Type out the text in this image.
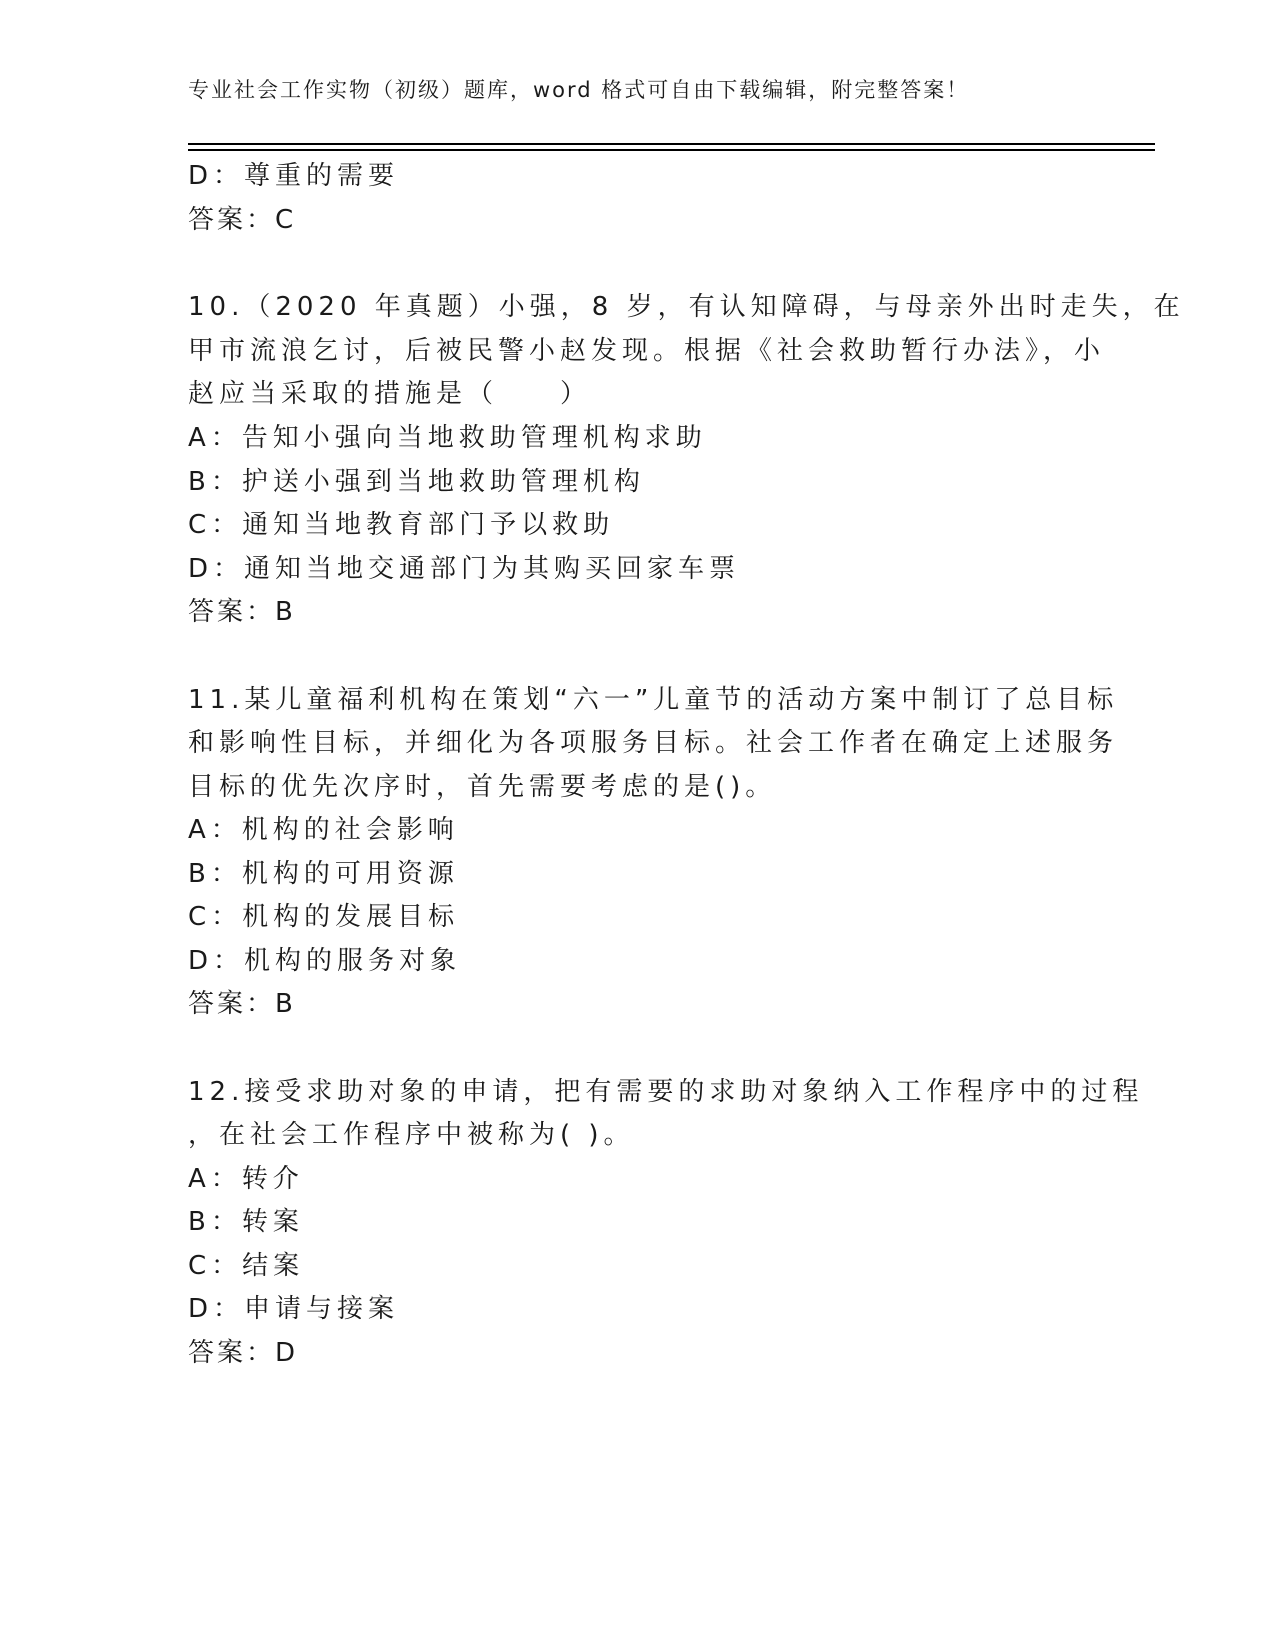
专业社会工作实物（初级）题库，word 格式可自由下载编辑，附完整答案！
D：尊重的需要
答案：C
10.（2020 年真题）小强，8 岁，有认知障碍，与母亲外出时走失，在
甲市流浪乞讨，后被民警小赵发现。根据《社会救助暂行办法》，小
赵应当采取的措施是（　　）
A：告知小强向当地救助管理机构求助
B：护送小强到当地救助管理机构
C：通知当地教育部门予以救助
D：通知当地交通部门为其购买回家车票
答案：B
11.某儿童福利机构在策划“六一”儿童节的活动方案中制订了总目标
和影响性目标，并细化为各项服务目标。社会工作者在确定上述服务
目标的优先次序时，首先需要考虑的是()。
A：机构的社会影响
B：机构的可用资源
C：机构的发展目标
D：机构的服务对象
答案：B
12.接受求助对象的申请，把有需要的求助对象纳入工作程序中的过程
，在社会工作程序中被称为( )。
A：转介
B：转案
C：结案
D：申请与接案
答案：D
